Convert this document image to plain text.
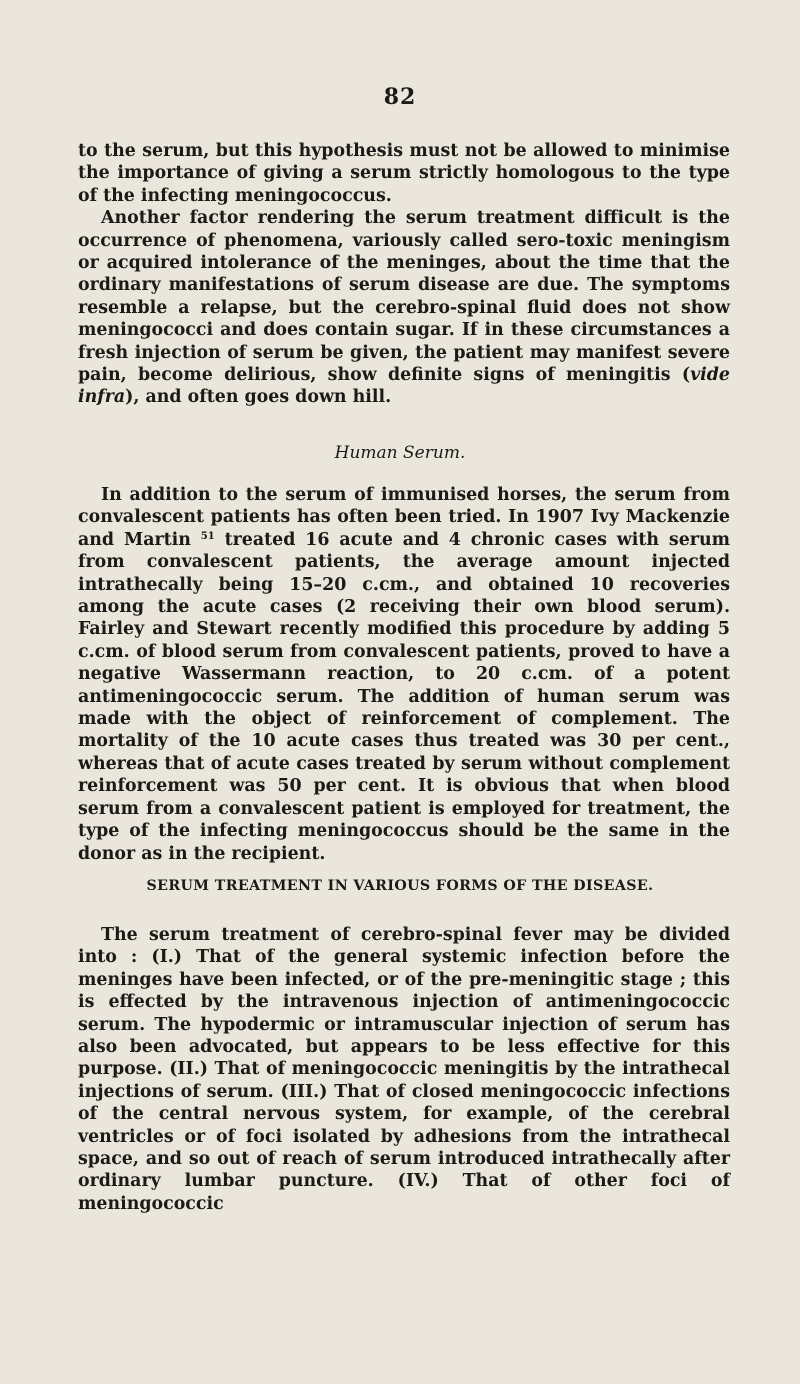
82

to the serum, but this hypothesis must not be allowed to minimise the importance of giving a serum strictly homologous to the type of the infecting meningococcus.

Another factor rendering the serum treatment difficult is the occurrence of phenomena, variously called sero-toxic meningism or acquired intolerance of the meninges, about the time that the ordinary manifestations of serum disease are due. The symptoms resemble a relapse, but the cerebro-spinal fluid does not show meningococci and does contain sugar. If in these circumstances a fresh injection of serum be given, the patient may manifest severe pain, become delirious, show definite signs of meningitis (vide infra), and often goes down hill.

Human Serum.

In addition to the serum of immunised horses, the serum from convalescent patients has often been tried. In 1907 Ivy Mackenzie and Martin $^{51}$ treated 16 acute and 4 chronic cases with serum from convalescent patients, the average amount injected intrathecally being 15–20 c.cm., and obtained 10 recoveries among the acute cases (2 receiving their own blood serum). Fairley and Stewart recently modified this procedure by adding 5 c.cm. of blood serum from convalescent patients, proved to have a negative Wassermann reaction, to 20 c.cm. of a potent antimeningococcic serum. The addition of human serum was made with the object of reinforcement of complement. The mortality of the 10 acute cases thus treated was 30 per cent., whereas that of acute cases treated by serum without complement reinforcement was 50 per cent. It is obvious that when blood serum from a convalescent patient is employed for treatment, the type of the infecting meningococcus should be the same in the donor as in the recipient.

SERUM TREATMENT IN VARIOUS FORMS OF THE DISEASE.

The serum treatment of cerebro-spinal fever may be divided into : (I.) That of the general systemic infection before the meninges have been infected, or of the pre-meningitic stage ; this is effected by the intravenous injection of antimeningococcic serum. The hypodermic or intramuscular injection of serum has also been advocated, but appears to be less effective for this purpose. (II.) That of meningococcic meningitis by the intrathecal injections of serum. (III.) That of closed meningococcic infections of the central nervous system, for example, of the cerebral ventricles or of foci isolated by adhesions from the intrathecal space, and so out of reach of serum introduced intrathecally after ordinary lumbar puncture. (IV.) That of other foci of meningococcic
